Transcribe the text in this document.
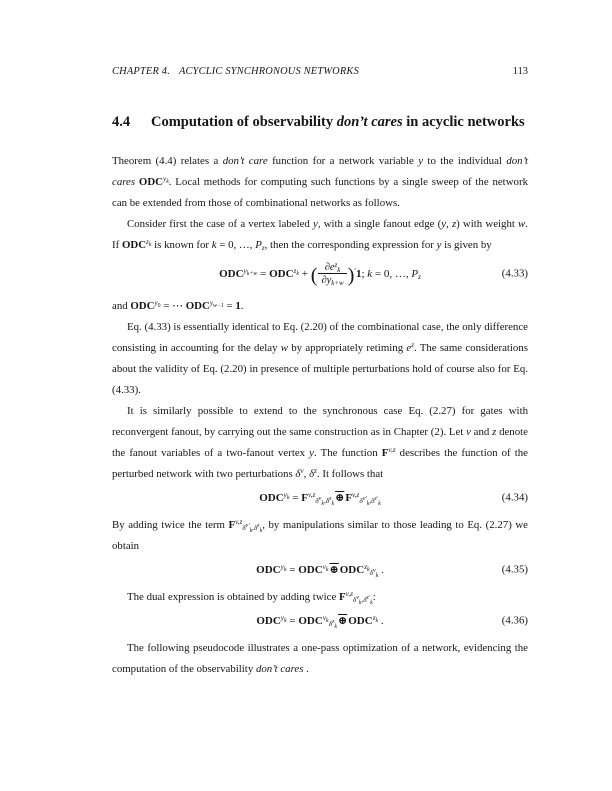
CHAPTER 4. ACYCLIC SYNCHRONOUS NETWORKS	113
4.4	Computation of observability don’t cares in acyclic networks
Theorem (4.4) relates a don’t care function for a network variable y to the individual don’t cares $ODC^{y_k}$. Local methods for computing such functions by a single sweep of the network can be extended from those of combinational networks as follows.
Consider first the case of a vertex labeled y, with a single fanout edge (y, z) with weight w. If $ODC^{z_k}$ is known for k = 0, …, $P_z$, then the corresponding expression for y is given by
$ODC^{y_{k+w}} = ODC^{z_k}$ + ( $\frac{\partial e^z_k}{\partial y_{k+w}} )'1$; k = 0, …, $P_z$	(4.33)
and $ODC^{y_0}$ = ⋯ $ODC^{y_{w-1}} = 1$.
Eq. (4.33) is essentially identical to Eq. (2.20) of the combinational case, the only difference consisting in accounting for the delay w by appropriately retiming $e^z$. The same considerations about the validity of Eq. (2.20) in presence of multiple perturbations hold of course also for Eq. (4.33).
It is similarly possible to extend to the synchronous case Eq. (2.27) for gates with reconvergent fanout, by carrying out the same construction as in Chapter (2). Let v and z denote the fanout variables of a two-fanout vertex y. The function F$^{v,z}$ describes the function of the perturbed network with two perturbations $\delta^v$, $\delta^z$. It follows that
$ODC^{y_k}$ = $F^{v,z}_{\delta^v_k,\delta^z_k}\oplus F^{v,z}_{\delta^{v'}_k,\delta^{z'}_k}$	(4.34)
By adding twice the term F$^{v,z}_{\delta^{v'}_k,\delta^z_k}$, by manipulations similar to those leading to Eq. (2.27) we obtain
$ODC^{y_k}$ = $ODC^{v_k}\oplus ODC^{z_k}_{\delta^v_k}$ .	(4.35)
The dual expression is obtained by adding twice F$^{v,z}_{\delta^v_k,\delta^{z'}_k}$:
$ODC^{y_k}$ = $ODC^{v_k}_{\delta^z_k}\oplus ODC^{z_k}$ .	(4.36)
The following pseudocode illustrates a one-pass optimization of a network, evidencing the computation of the observability don’t cares .
